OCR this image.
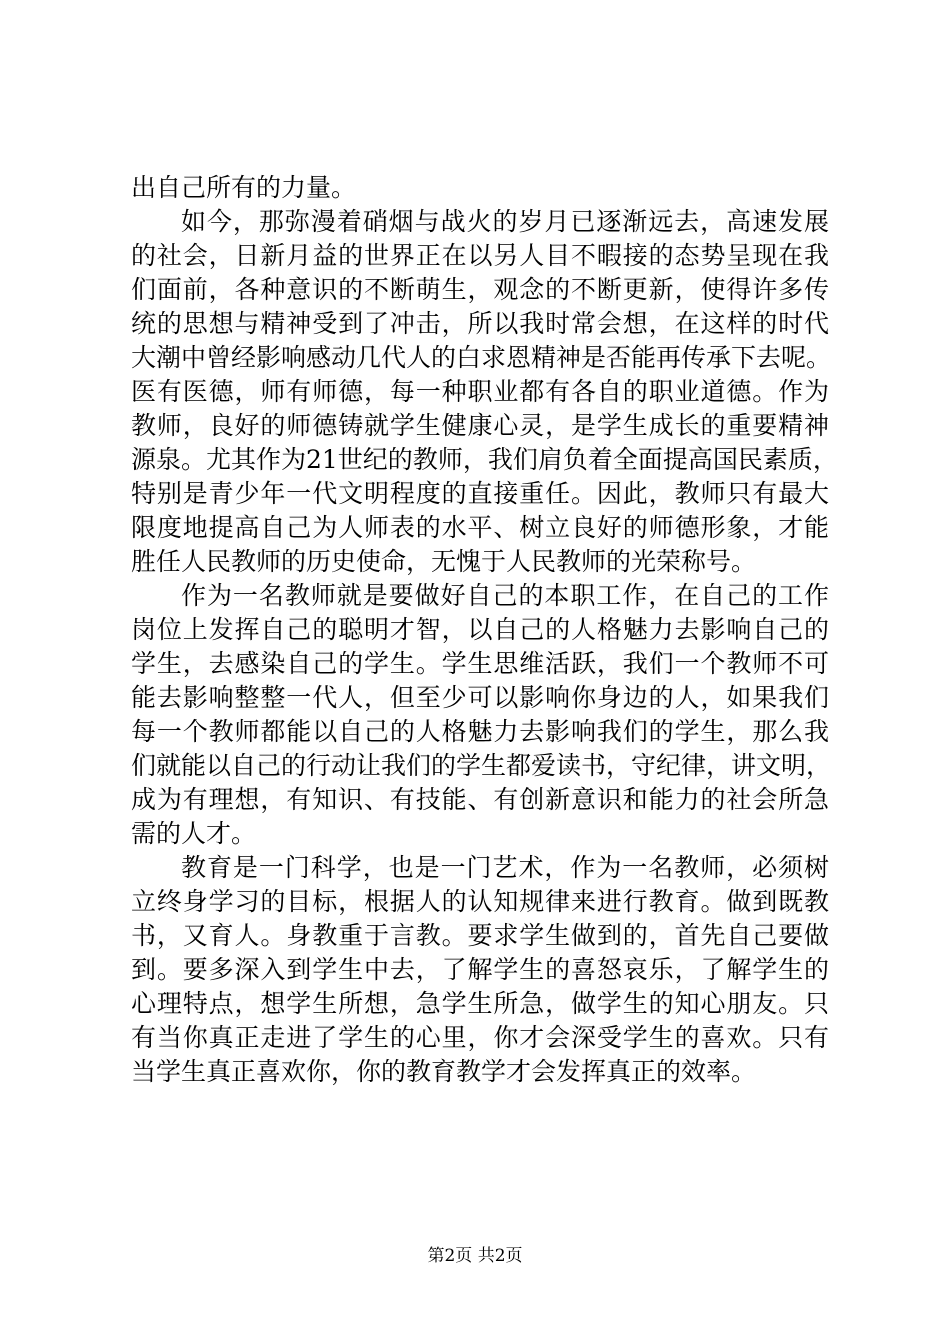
出自己所有的力量。
如今，那弥漫着硝烟与战火的岁月已逐渐远去，高速发展
的社会，日新月益的世界正在以另人目不暇接的态势呈现在我
们面前，各种意识的不断萌生，观念的不断更新，使得许多传
统的思想与精神受到了冲击，所以我时常会想，在这样的时代
大潮中曾经影响感动几代人的白求恩精神是否能再传承下去呢。
医有医德，师有师德，每一种职业都有各自的职业道德。作为
教师，良好的师德铸就学生健康心灵，是学生成长的重要精神
源泉。尤其作为21世纪的教师，我们肩负着全面提高国民素质，
特别是青少年一代文明程度的直接重任。因此，教师只有最大
限度地提高自己为人师表的水平、树立良好的师德形象，才能
胜任人民教师的历史使命，无愧于人民教师的光荣称号。
作为一名教师就是要做好自己的本职工作，在自己的工作
岗位上发挥自己的聪明才智，以自己的人格魅力去影响自己的
学生，去感染自己的学生。学生思维活跃，我们一个教师不可
能去影响整整一代人，但至少可以影响你身边的人，如果我们
每一个教师都能以自己的人格魅力去影响我们的学生，那么我
们就能以自己的行动让我们的学生都爱读书，守纪律，讲文明，
成为有理想，有知识、有技能、有创新意识和能力的社会所急
需的人才。
教育是一门科学，也是一门艺术，作为一名教师，必须树
立终身学习的目标，根据人的认知规律来进行教育。做到既教
书，又育人。身教重于言教。要求学生做到的，首先自己要做
到。要多深入到学生中去，了解学生的喜怒哀乐，了解学生的
心理特点，想学生所想，急学生所急，做学生的知心朋友。只
有当你真正走进了学生的心里，你才会深受学生的喜欢。只有
当学生真正喜欢你，你的教育教学才会发挥真正的效率。
第2页 共2页
